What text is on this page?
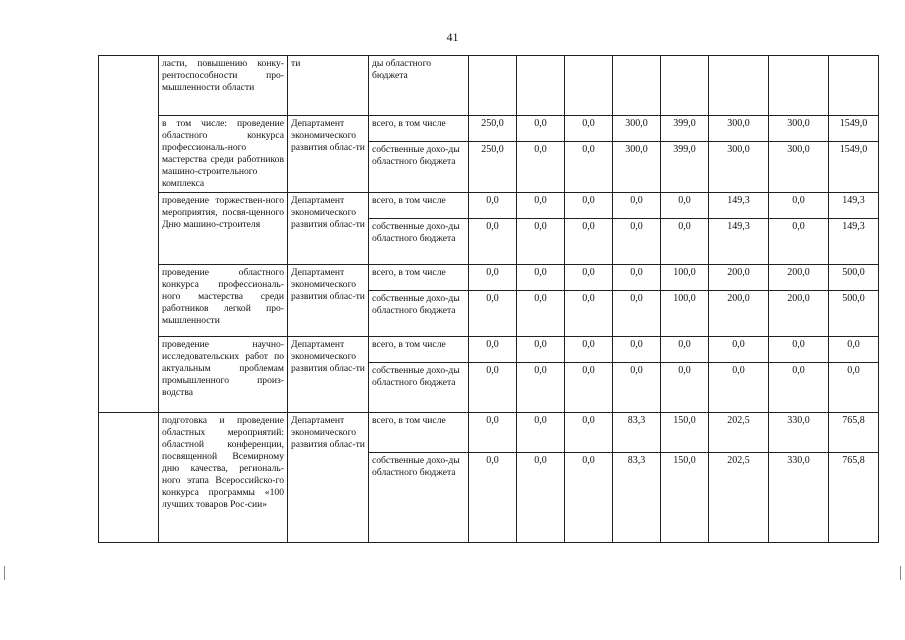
41
	ласти, повышению конку-рентоспособности про-мышленности области	ти	ды областного бюджета								
	в том числе: проведение областного конкурса профессиональ-ного мастерства среди работников машино-строительного комплекса	Департамент экономического развития облас-ти	всего, в том числе	250,0	0,0	0,0	300,0	399,0	300,0	300,0	1549,0
			собственные дохо-ды областного бюджета	250,0	0,0	0,0	300,0	399,0	300,0	300,0	1549,0
	проведение торжествен-ного мероприятия, посвя-щенного Дню машино-строителя	Департамент экономического развития облас-ти	всего, в том числе	0,0	0,0	0,0	0,0	0,0	149,3	0,0	149,3
			собственные дохо-ды областного бюджета	0,0	0,0	0,0	0,0	0,0	149,3	0,0	149,3
	проведение областного конкурса профессиональ-ного мастерства среди работников легкой про-мышленности	Департамент экономического развития облас-ти	всего, в том числе	0,0	0,0	0,0	0,0	100,0	200,0	200,0	500,0
			собственные дохо-ды областного бюджета	0,0	0,0	0,0	0,0	100,0	200,0	200,0	500,0
	проведение научно-исследовательских работ по актуальным проблемам промышленного произ-водства	Департамент экономического развития облас-ти	всего, в том числе	0,0	0,0	0,0	0,0	0,0	0,0	0,0	0,0
			собственные дохо-ды областного бюджета	0,0	0,0	0,0	0,0	0,0	0,0	0,0	0,0
	подготовка и проведение областных мероприятий: областной конференции, посвященной Всемирному дню качества, региональ-ного этапа Всероссийско-го конкурса программы «100 лучших товаров Рос-сии»	Департамент экономического развития облас-ти	всего, в том числе	0,0	0,0	0,0	83,3	150,0	202,5	330,0	765,8
			собственные дохо-ды областного бюджета	0,0	0,0	0,0	83,3	150,0	202,5	330,0	765,8
